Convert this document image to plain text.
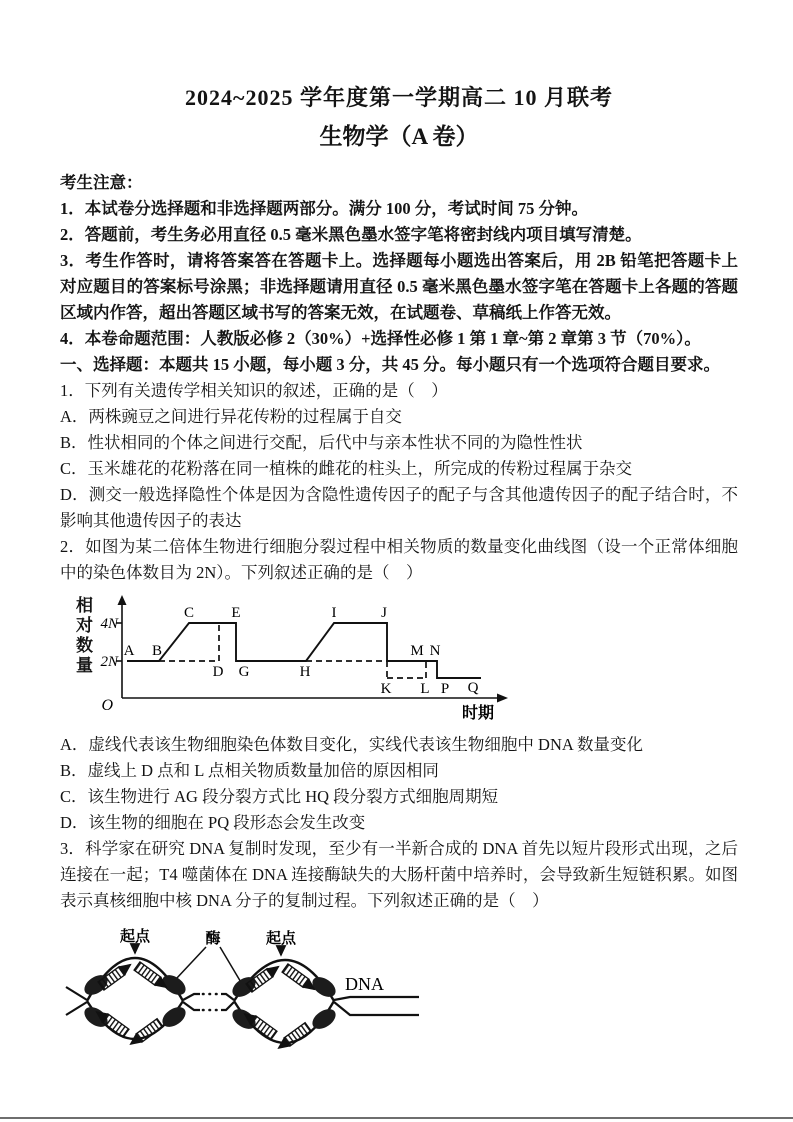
2024~2025 学年度第一学期高二 10 月联考

生物学（A 卷）

考生注意：

1．本试卷分选择题和非选择题两部分。满分 100 分，考试时间 75 分钟。

2．答题前，考生务必用直径 0.5 毫米黑色墨水签字笔将密封线内项目填写清楚。

3．考生作答时，请将答案答在答题卡上。选择题每小题选出答案后，用 2B 铅笔把答题卡上对应题目的答案标号涂黑；非选择题请用直径 0.5 毫米黑色墨水签字笔在答题卡上各题的答题区域内作答，超出答题区域书写的答案无效，在试题卷、草稿纸上作答无效。

4．本卷命题范围：人教版必修 2（30%）+选择性必修 1 第 1 章~第 2 章第 3 节（70%）。

一、选择题：本题共 15 小题，每小题 3 分，共 45 分。每小题只有一个选项符合题目要求。

1．下列有关遗传学相关知识的叙述，正确的是（　）

A．两株豌豆之间进行异花传粉的过程属于自交

B．性状相同的个体之间进行交配，后代中与亲本性状不同的为隐性性状

C．玉米雄花的花粉落在同一植株的雌花的柱头上，所完成的传粉过程属于杂交

D．测交一般选择隐性个体是因为含隐性遗传因子的配子与含其他遗传因子的配子结合时，不影响其他遗传因子的表达

2．如图为某二倍体生物进行细胞分裂过程中相关物质的数量变化曲线图（设一个正常体细胞中的染色体数目为 2N）。下列叙述正确的是（　）

相对数量 4N
2N
O
A B
C
D
E
G	H
I	J
K L
M N
P Q
时期

A．虚线代表该生物细胞染色体数目变化，实线代表该生物细胞中 DNA 数量变化

B．虚线上 D 点和 L 点相关物质数量加倍的原因相同

C．该生物进行 AG 段分裂方式比 HQ 段分裂方式细胞周期短

D．该生物的细胞在 PQ 段形态会发生改变

3．科学家在研究 DNA 复制时发现，至少有一半新合成的 DNA 首先以短片段形式出现，之后连接在一起；T4 噬菌体在 DNA 连接酶缺失的大肠杆菌中培养时，会导致新生短链积累。如图表示真核细胞中核 DNA 分子的复制过程。下列叙述正确的是（　）

起点	酶	起点
DNA
